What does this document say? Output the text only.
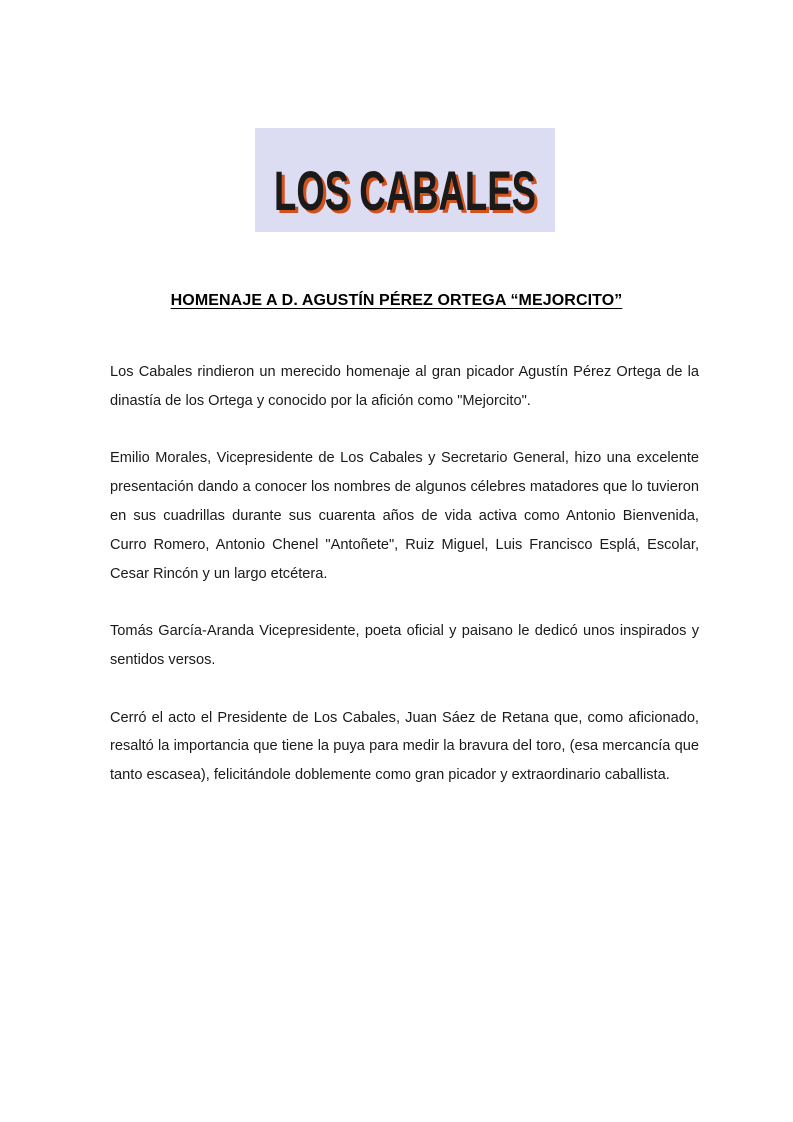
LOS CABALES
LOS CABALES
HOMENAJE A D. AGUSTÍN PÉREZ ORTEGA “MEJORCITO”

Los Cabales rindieron un merecido homenaje al gran picador Agustín Pérez Ortega de la dinastía de los Ortega y conocido por la afición como "Mejorcito".

Emilio Morales, Vicepresidente de Los Cabales y Secretario General, hizo una excelente presentación dando a conocer los nombres de algunos célebres matadores que lo tuvieron en sus cuadrillas durante sus cuarenta años de vida activa como Antonio Bienvenida, Curro Romero, Antonio Chenel "Antoñete", Ruiz Miguel, Luis Francisco Esplá, Escolar, Cesar Rincón y un largo etcétera.

Tomás García-Aranda Vicepresidente, poeta oficial y paisano le dedicó unos inspirados y sentidos versos.

Cerró el acto el Presidente de Los Cabales, Juan Sáez de Retana que, como aficionado, resaltó la importancia que tiene la puya para medir la bravura del toro, (esa mercancía que tanto escasea), felicitándole doblemente como gran picador y extraordinario caballista.
